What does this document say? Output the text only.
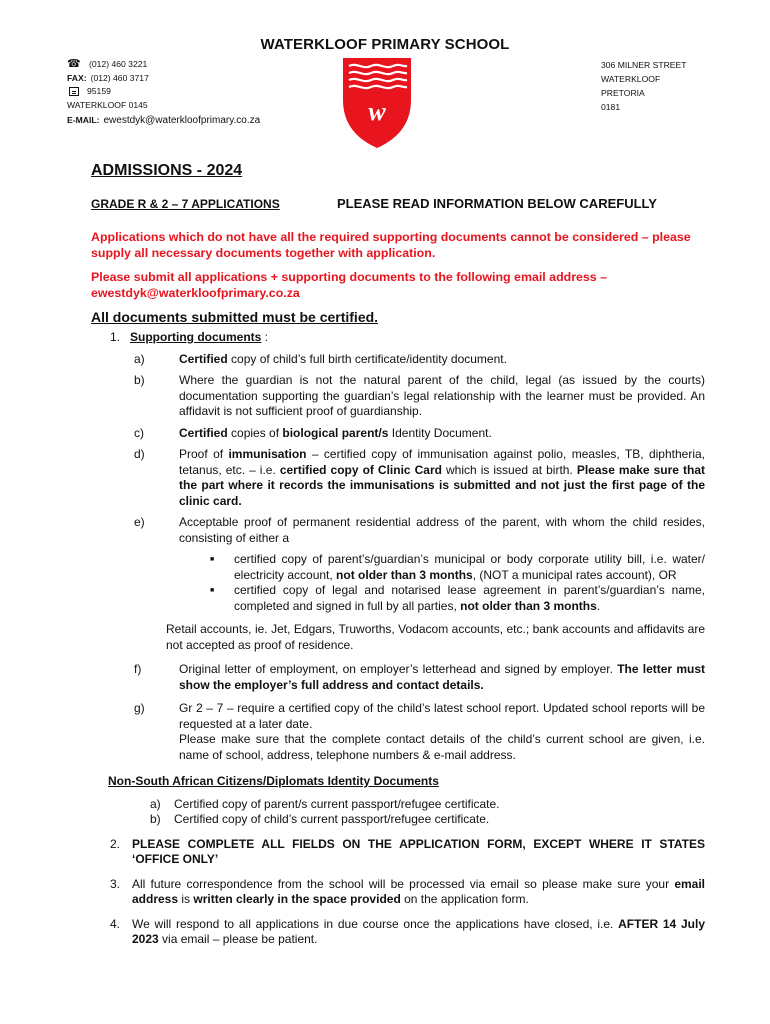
WATERKLOOF PRIMARY SCHOOL
☎ (012) 460 3221
FAX: (012) 460 3717
95159
WATERKLOOF 0145
E-MAIL: ewestdyk@waterkloofprimary.co.za	w
306 MILNER STREET
WATERKLOOF
PRETORIA
0181
ADMISSIONS - 2024
GRADE R & 2 – 7 APPLICATIONS	PLEASE READ INFORMATION BELOW CAREFULLY
Applications which do not have all the required supporting documents cannot be considered – please supply all necessary documents together with application.
Please submit all applications + supporting documents to the following email address – ewestdyk@waterkloofprimary.co.za
All documents submitted must be certified.
1. Supporting documents :
a)	Certified copy of child’s full birth certificate/identity document.
b)	Where the guardian is not the natural parent of the child, legal (as issued by the courts) documentation supporting the guardian’s legal relationship with the learner must be provided. An affidavit is not sufficient proof of guardianship.
c)	Certified copies of biological parent/s Identity Document.
d)	Proof of immunisation – certified copy of immunisation against polio, measles, TB, diphtheria, tetanus, etc. – i.e. certified copy of Clinic Card which is issued at birth. Please make sure that the part where it records the immunisations is submitted and not just the first page of the clinic card.
e)	Acceptable proof of permanent residential address of the parent, with whom the child resides, consisting of either a
■	certified copy of parent’s/guardian’s municipal or body corporate utility bill, i.e. water/ electricity account, not older than 3 months, (NOT a municipal rates account), OR
■	certified copy of legal and notarised lease agreement in parent’s/guardian’s name, completed and signed in full by all parties, not older than 3 months.
Retail accounts, ie. Jet, Edgars, Truworths, Vodacom accounts, etc.; bank accounts and affidavits are not accepted as proof of residence.
f)	Original letter of employment, on employer’s letterhead and signed by employer. The letter must show the employer’s full address and contact details.
g)	Gr 2 – 7 – require a certified copy of the child’s latest school report. Updated school reports will be requested at a later date.
Please make sure that the complete contact details of the child’s current school are given, i.e. name of school, address, telephone numbers & e-mail address.
Non-South African Citizens/Diplomats Identity Documents
a)	Certified copy of parent/s current passport/refugee certificate.
b)	Certified copy of child’s current passport/refugee certificate.
2. PLEASE COMPLETE ALL FIELDS ON THE APPLICATION FORM, EXCEPT WHERE IT STATES ‘OFFICE ONLY’
3. All future correspondence from the school will be processed via email so please make sure your email address is written clearly in the space provided on the application form.
4. We will respond to all applications in due course once the applications have closed, i.e. AFTER 14 July 2023 via email – please be patient.
